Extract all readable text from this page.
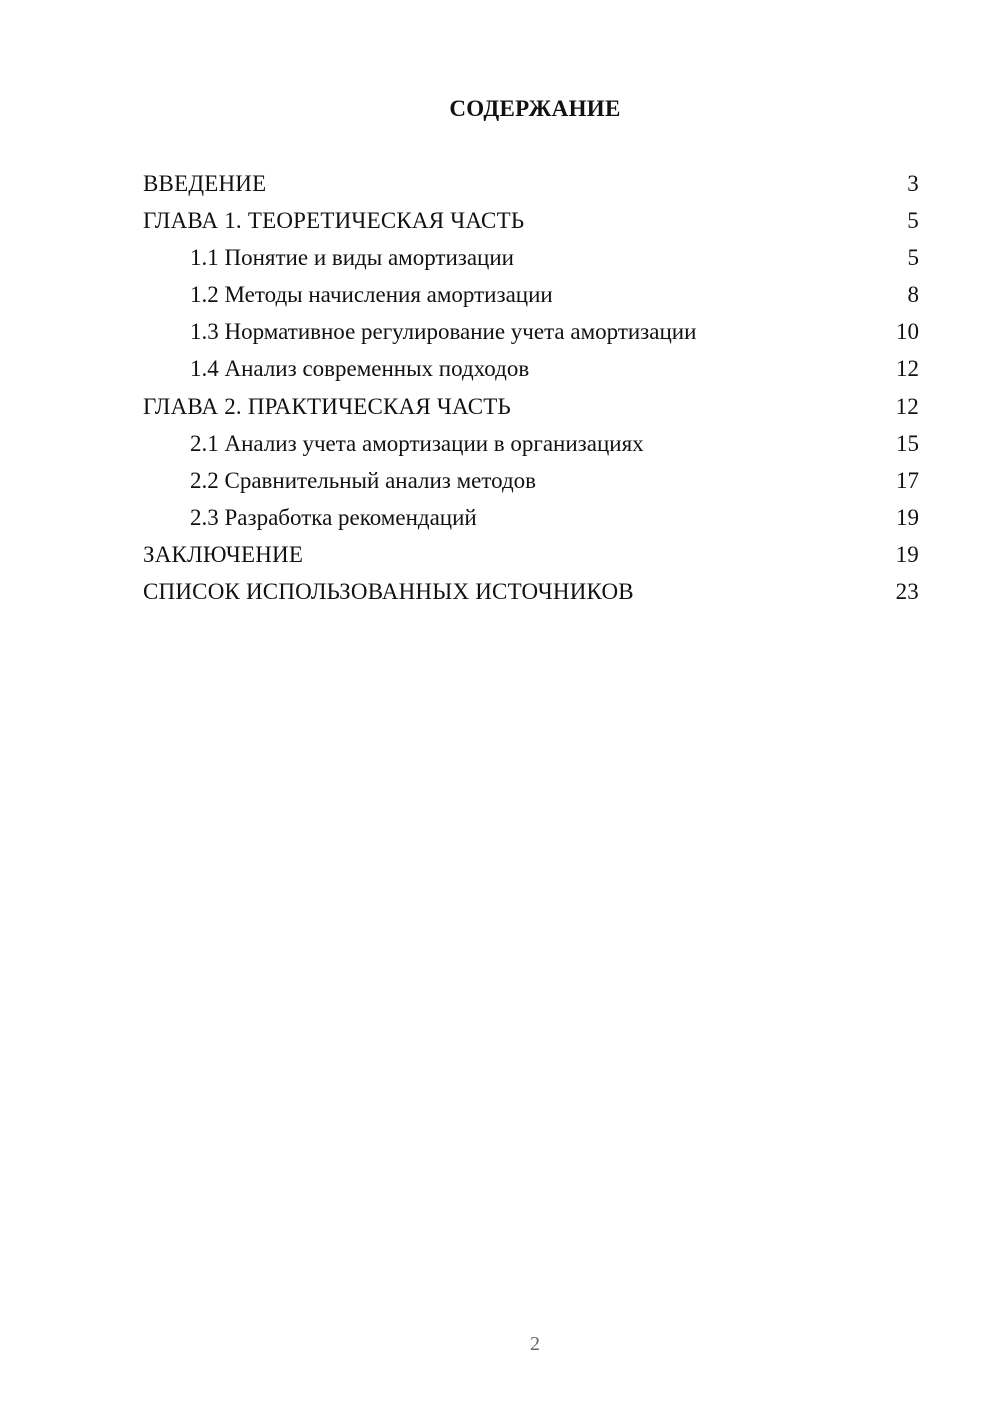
СОДЕРЖАНИЕ
ВВЕДЕНИЕ	3
ГЛАВА 1. ТЕОРЕТИЧЕСКАЯ ЧАСТЬ	5
1.1 Понятие и виды амортизации	5
1.2 Методы начисления амортизации	8
1.3 Нормативное регулирование учета амортизации	10
1.4 Анализ современных подходов	12
ГЛАВА 2. ПРАКТИЧЕСКАЯ ЧАСТЬ	12
2.1 Анализ учета амортизации в организациях	15
2.2 Сравнительный анализ методов	17
2.3 Разработка рекомендаций	19
ЗАКЛЮЧЕНИЕ	19
СПИСОК ИСПОЛЬЗОВАННЫХ ИСТОЧНИКОВ	23
2
